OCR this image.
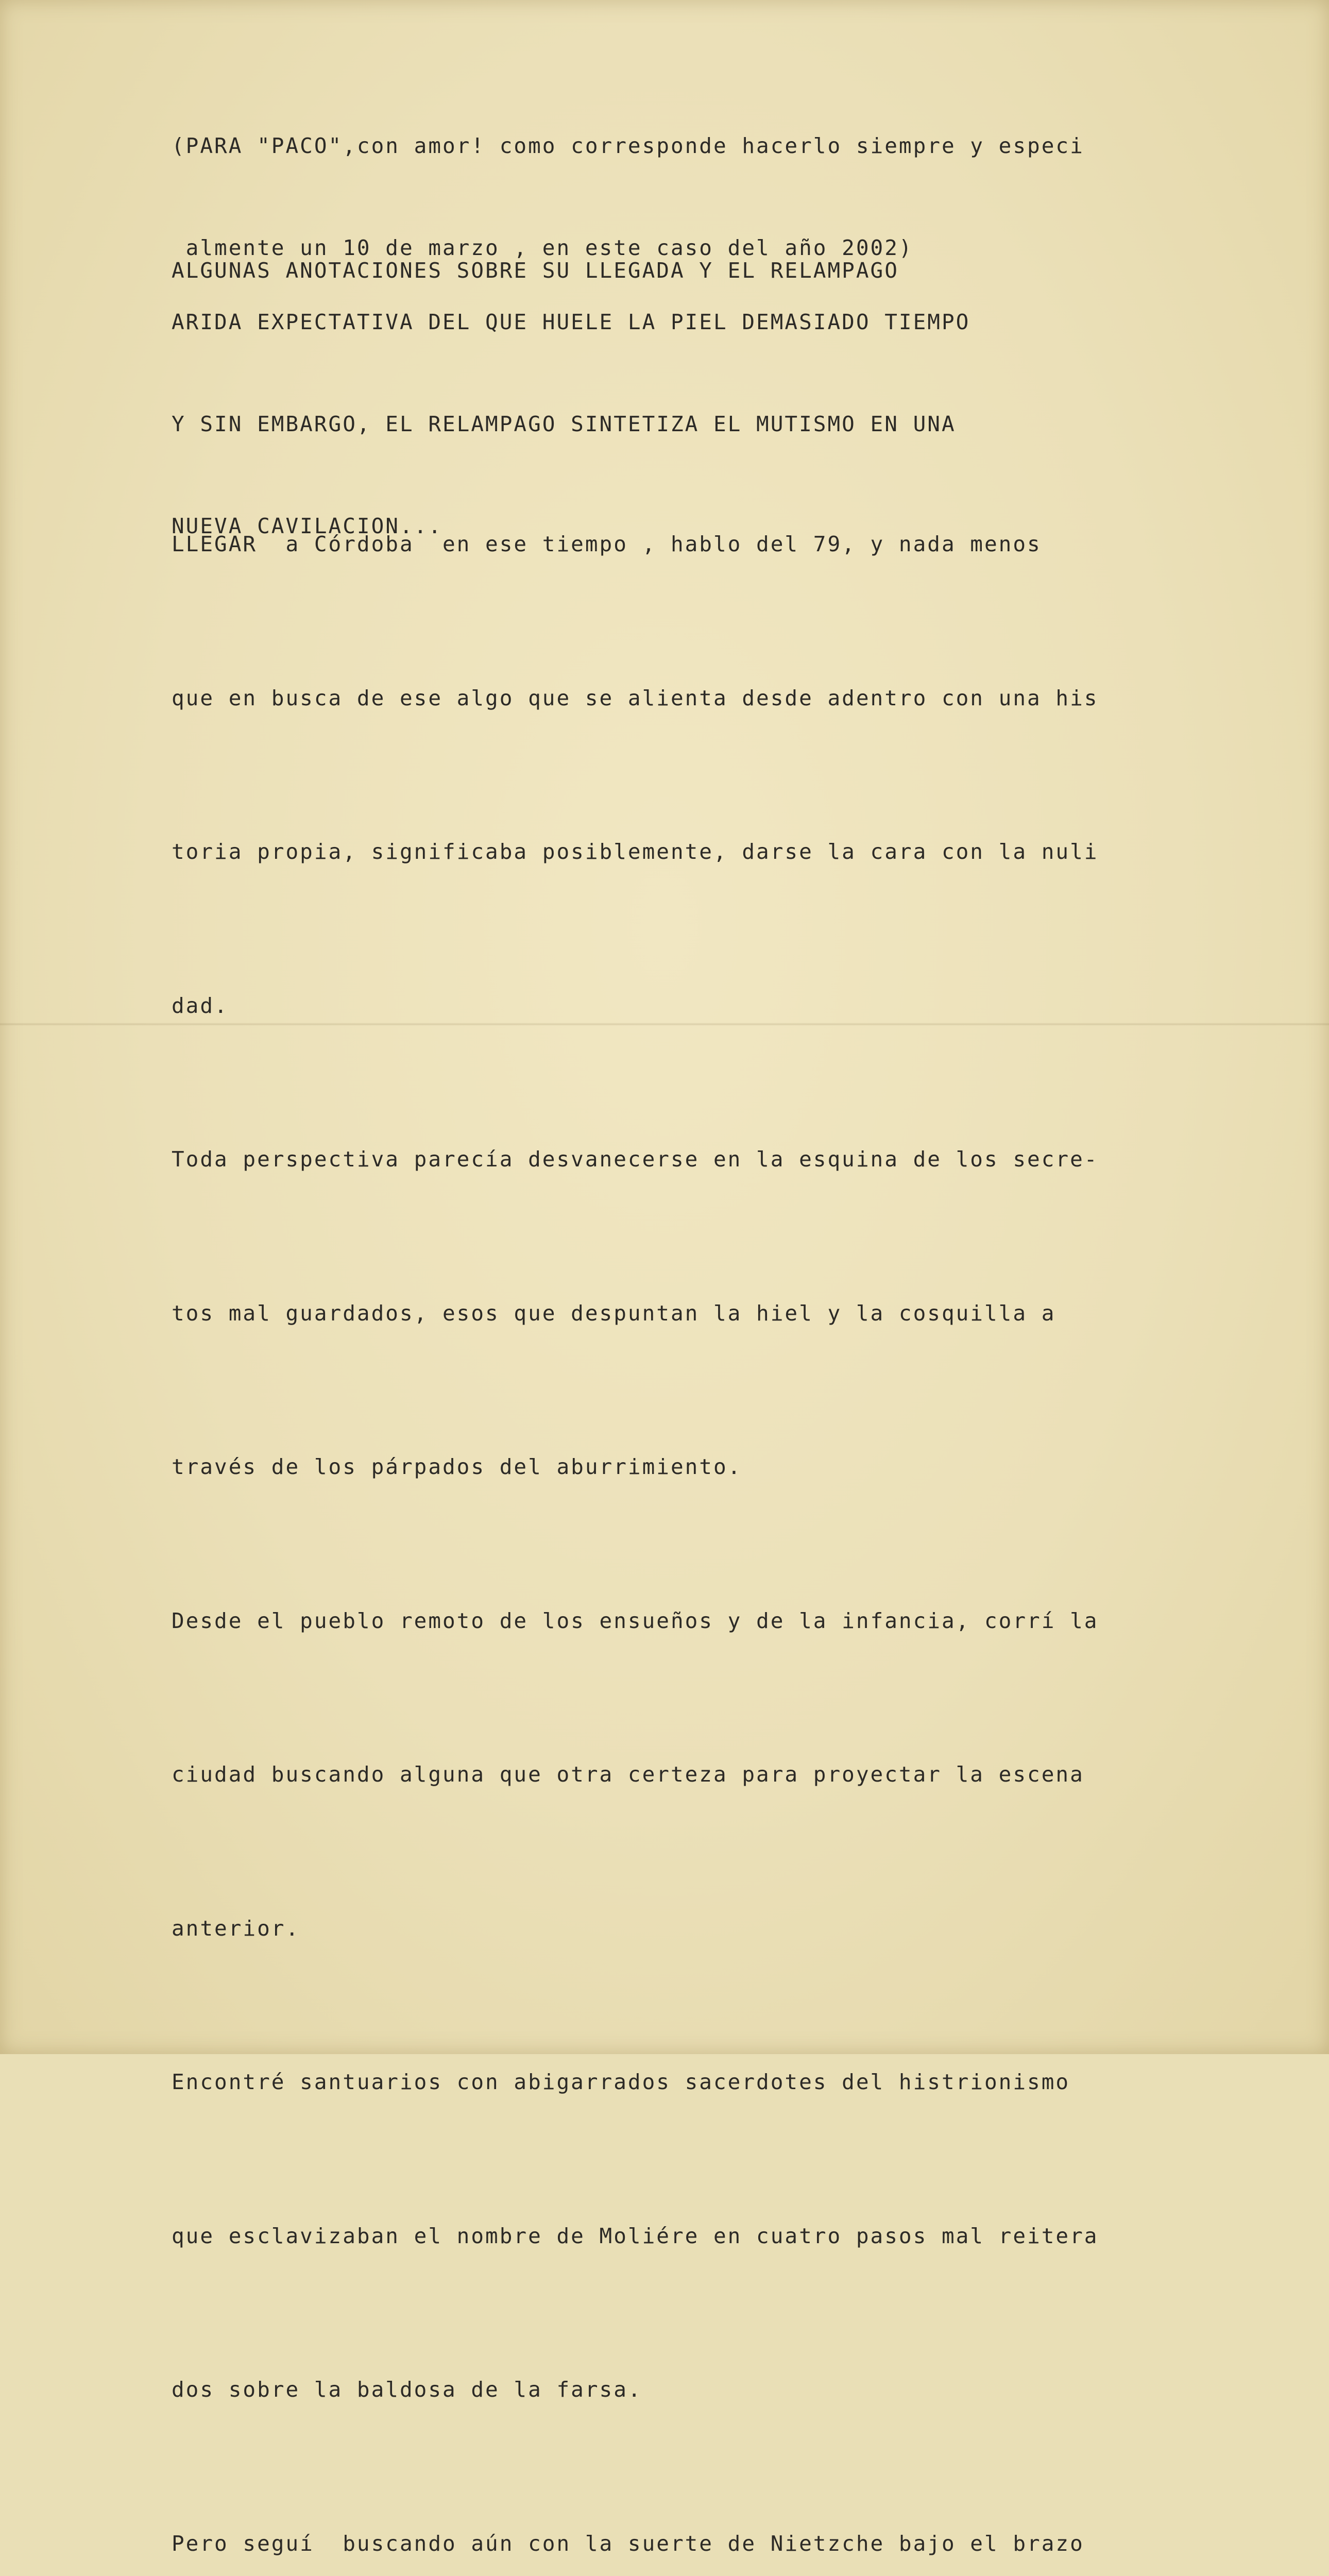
(PARA "PACO",con amor! como corresponde hacerlo siempre y especi

almente un 10 de marzo , en este caso del año 2002)

ALGUNAS ANOTACIONES SOBRE SU LLEGADA Y EL RELAMPAGO

ARIDA EXPECTATIVA DEL QUE HUELE LA PIEL DEMASIADO TIEMPO

Y SIN EMBARGO, EL RELAMPAGO SINTETIZA EL MUTISMO EN UNA

NUEVA CAVILACION...

LLEGAR  a Córdoba  en ese tiempo , hablo del 79, y nada menos

que en busca de ese algo que se alienta desde adentro con una his

toria propia, significaba posiblemente, darse la cara con la nuli

dad.

Toda perspectiva parecía desvanecerse en la esquina de los secre-

tos mal guardados, esos que despuntan la hiel y la cosquilla a

través de los párpados del aburrimiento.

Desde el pueblo remoto de los ensueños y de la infancia, corrí la

ciudad buscando alguna que otra certeza para proyectar la escena

anterior.

Encontré santuarios con abigarrados sacerdotes del histrionismo

que esclavizaban el nombre de Moliére en cuatro pasos mal reitera

dos sobre la baldosa de la farsa.

Pero seguí  buscando aún con la suerte de Nietzche bajo el brazo
